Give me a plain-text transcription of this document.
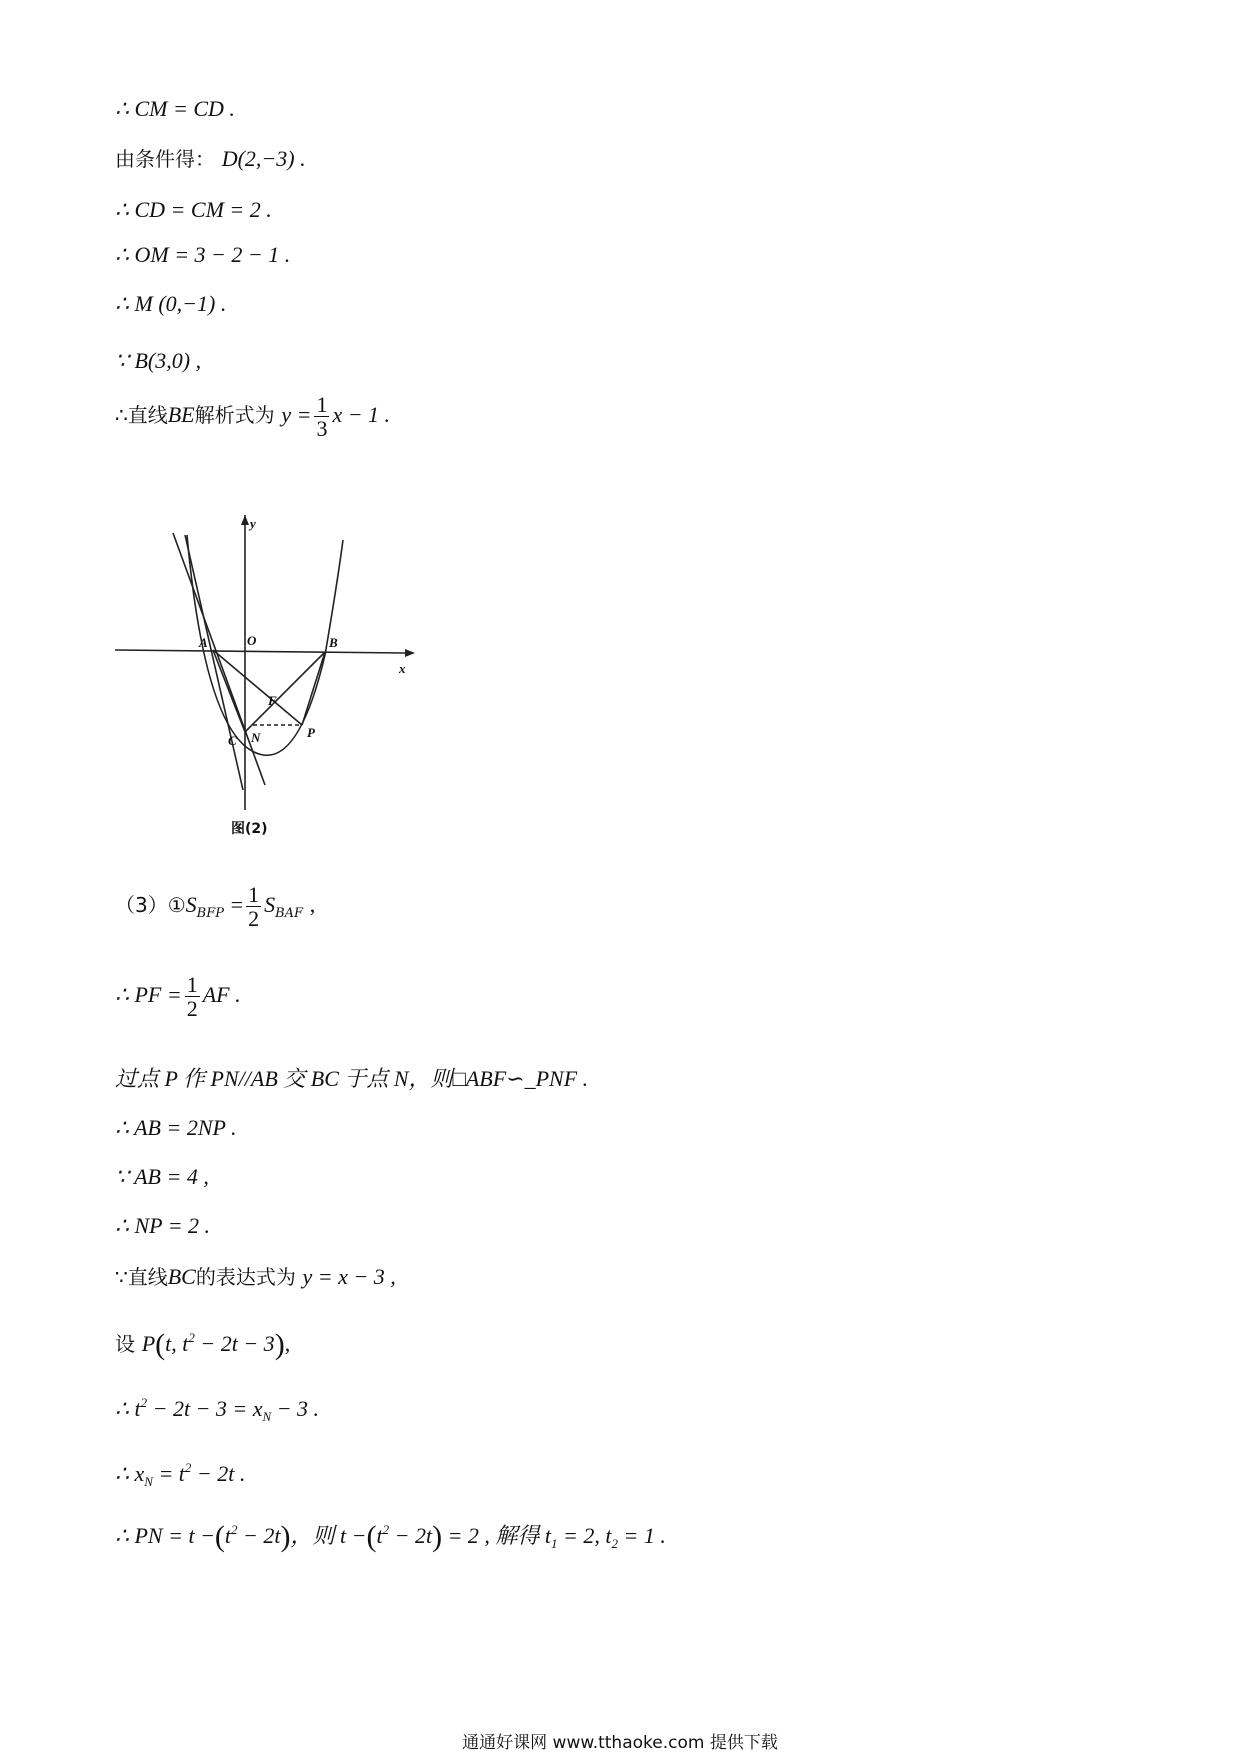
∴ CM = CD .
由条件得： D(2,−3) .
∴ CD = CM = 2 .
∴ OM = 3 − 2 − 1 .
∴ M (0,−1) .
∵ B(3,0) ,
∴直线BE解析式为 $y = \frac{1}{3}$ x − 1 .
y
x
A	O	B
F
C N	P
图(2)
$(3)①S_{BFP} = \frac{1}{2} S_{BAF}$ ,
∴ PF = $\frac{1}{2}$ AF .
过点 P 作 PN//AB 交 BC 于点 N，则□ABF∽_PNF .
∴ AB = 2NP .
∵ AB = 4 ,
∴ NP = 2 .
∵直线BC的表达式为 y = x − 3 ,
设 P(t, $t^2 - 2t - 3$),
∴ $t^2 - 2t - 3 = x_N - 3$ .
∴ $x_N = t^2 - 2t$ .
∴ PN = $t -(t^2 - 2t)$，则 $t -(t^2 - 2t) = 2$ , 解得 $t_1 = 2$, $t_2 = 1$ .
通通好课网 www.tthaoke.com 提供下载
